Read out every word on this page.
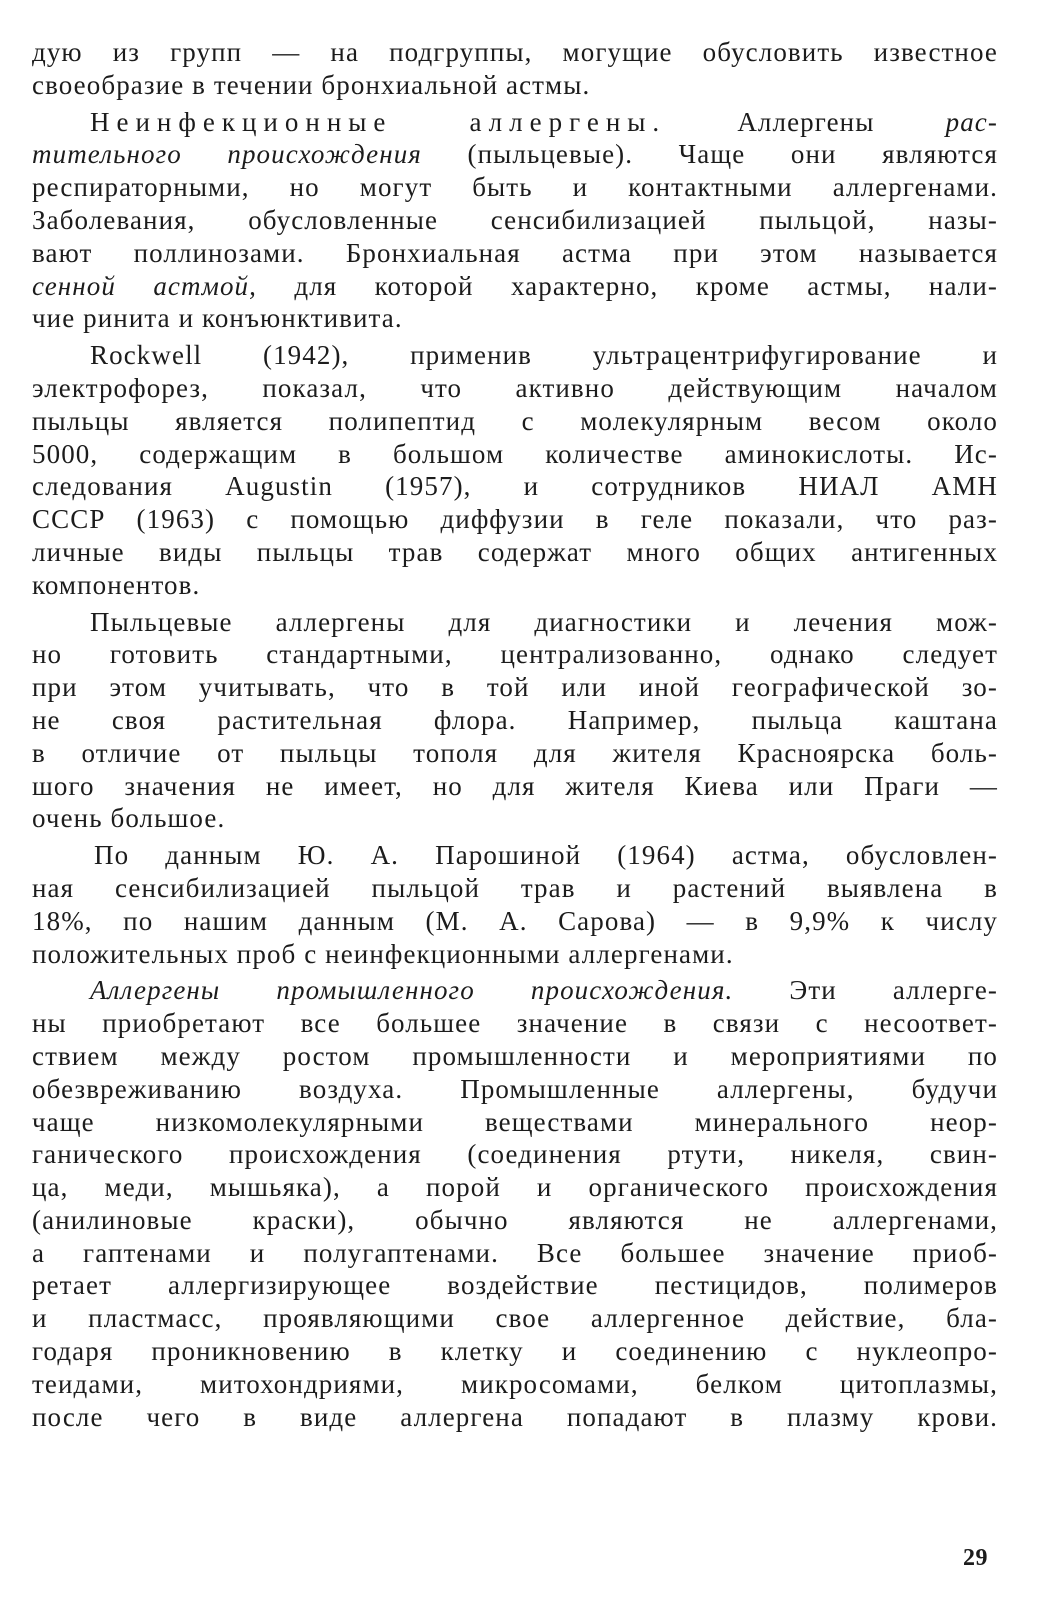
дую из групп — на подгруппы, могущие обусловить известное
своеобразие в течении бронхиальной астмы.
Неинфекционные аллергены. Аллергены рас-
тительного происхождения (пыльцевые). Чаще они являются
респираторными, но могут быть и контактными аллергенами.
Заболевания, обусловленные сенсибилизацией пыльцой, назы-
вают поллинозами. Бронхиальная астма при этом называется
сенной астмой, для которой характерно, кроме астмы, нали-
чие ринита и конъюнктивита.
Rockwell (1942), применив ультрацентрифугирование и
электрофорез, показал, что активно действующим началом
пыльцы является полипептид с молекулярным весом около
5000, содержащим в большом количестве аминокислоты. Ис-
следования Augustin (1957), и сотрудников НИАЛ АМН
СССР (1963) с помощью диффузии в геле показали, что раз-
личные виды пыльцы трав содержат много общих антигенных
компонентов.
Пыльцевые аллергены для диагностики и лечения мож-
но готовить стандартными, централизованно, однако следует
при этом учитывать, что в той или иной географической зо-
не своя растительная флора. Например, пыльца каштана
в отличие от пыльцы тополя для жителя Красноярска боль-
шого значения не имеет, но для жителя Киева или Праги —
очень большое.
По данным Ю. А. Парошиной (1964) астма, обусловлен-
ная сенсибилизацией пыльцой трав и растений выявлена в
18%, по нашим данным (М. А. Сарова) — в 9,9% к числу
положительных проб с неинфекционными аллергенами.
Аллергены промышленного происхождения. Эти аллерге-
ны приобретают все большее значение в связи с несоответ-
ствием между ростом промышленности и мероприятиями по
обезвреживанию воздуха. Промышленные аллергены, будучи
чаще низкомолекулярными веществами минерального неор-
ганического происхождения (соединения ртути, никеля, свин-
ца, меди, мышьяка), а порой и органического происхождения
(анилиновые краски), обычно являются не аллергенами,
а гаптенами и полугаптенами. Все большее значение приоб-
ретает аллергизирующее воздействие пестицидов, полимеров
и пластмасс, проявляющими свое аллергенное действие, бла-
годаря проникновению в клетку и соединению с нуклеопро-
теидами, митохондриями, микросомами, белком цитоплазмы,
после чего в виде аллергена попадают в плазму крови.
29
